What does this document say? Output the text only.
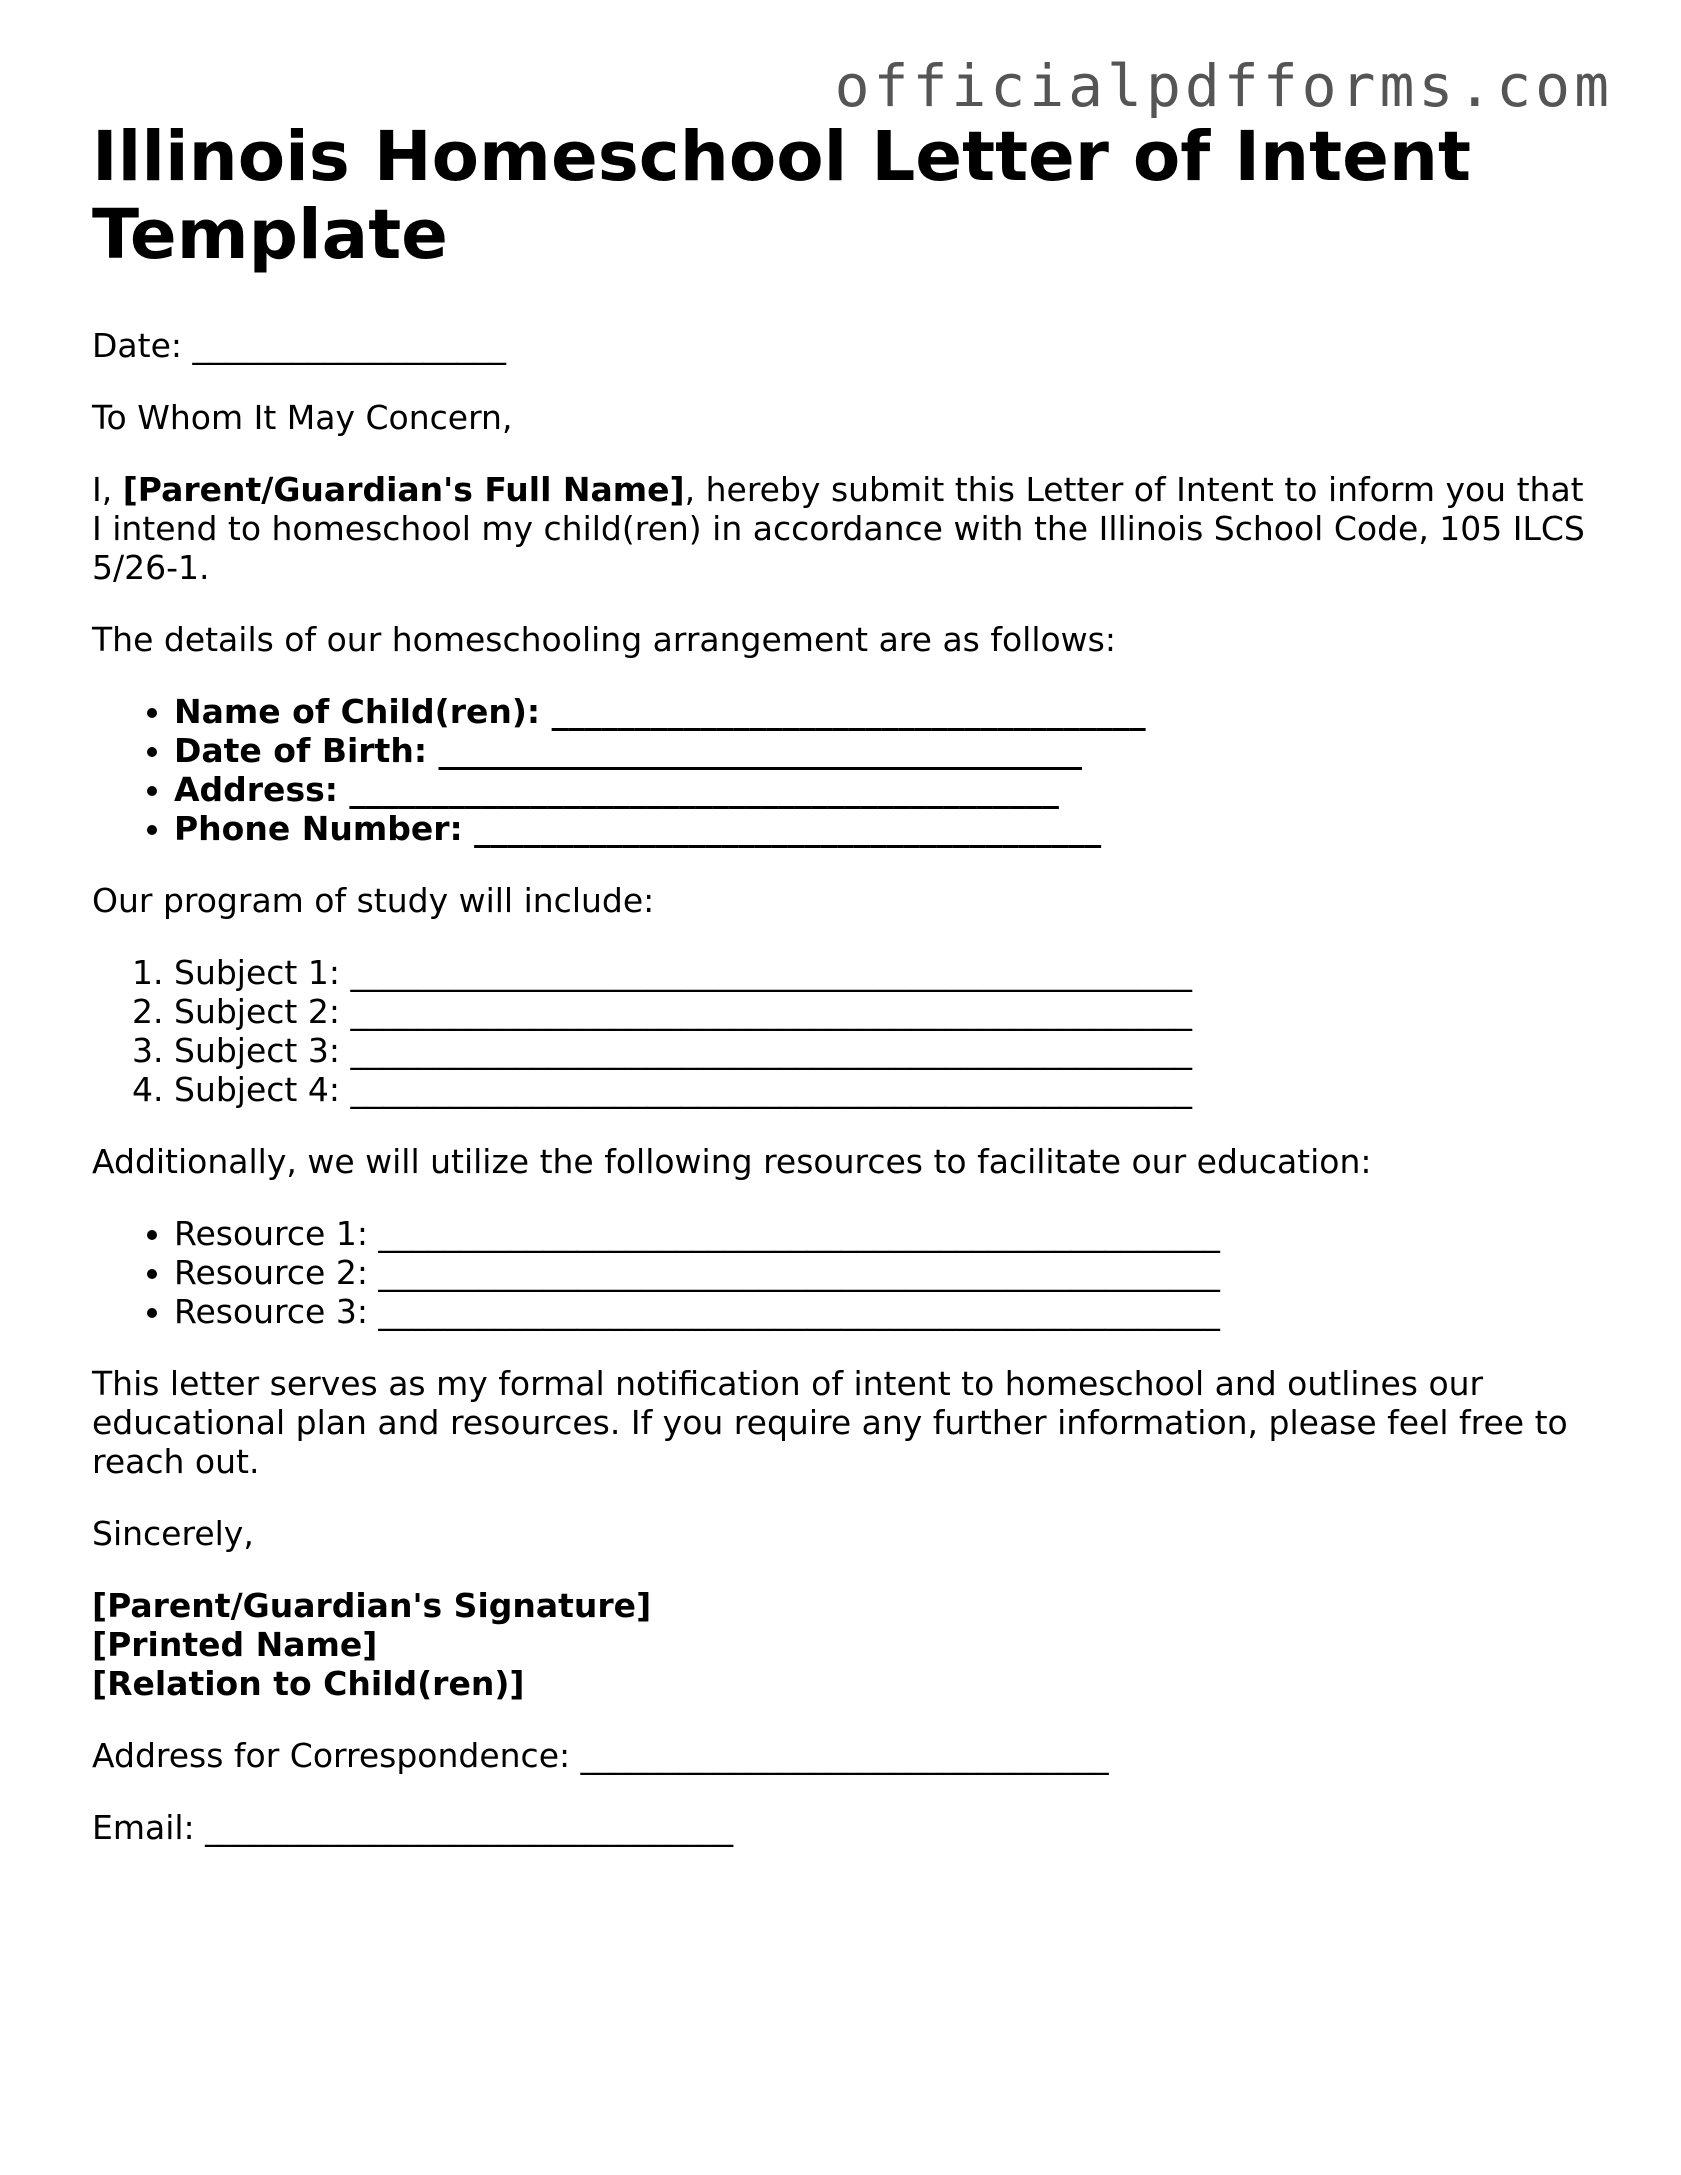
officialpdfforms.com
Illinois Homeschool Letter of Intent Template

Date: ___________________

To Whom It May Concern,

I, [Parent/Guardian's Full Name], hereby submit this Letter of Intent to inform you that I intend to homeschool my child(ren) in accordance with the Illinois School Code, 105 ILCS 5/26-1.

The details of our homeschooling arrangement are as follows:

• Name of Child(ren): ____________________________________
• Date of Birth: _______________________________________
• Address: ___________________________________________
• Phone Number: ______________________________________

Our program of study will include:

1. Subject 1: ___________________________________________________
2. Subject 2: ___________________________________________________
3. Subject 3: ___________________________________________________
4. Subject 4: ___________________________________________________

Additionally, we will utilize the following resources to facilitate our education:

• Resource 1: ___________________________________________________
• Resource 2: ___________________________________________________
• Resource 3: ___________________________________________________

This letter serves as my formal notification of intent to homeschool and outlines our educational plan and resources. If you require any further information, please feel free to reach out.

Sincerely,

[Parent/Guardian's Signature]
[Printed Name]
[Relation to Child(ren)]

Address for Correspondence: ________________________________

Email: ________________________________
